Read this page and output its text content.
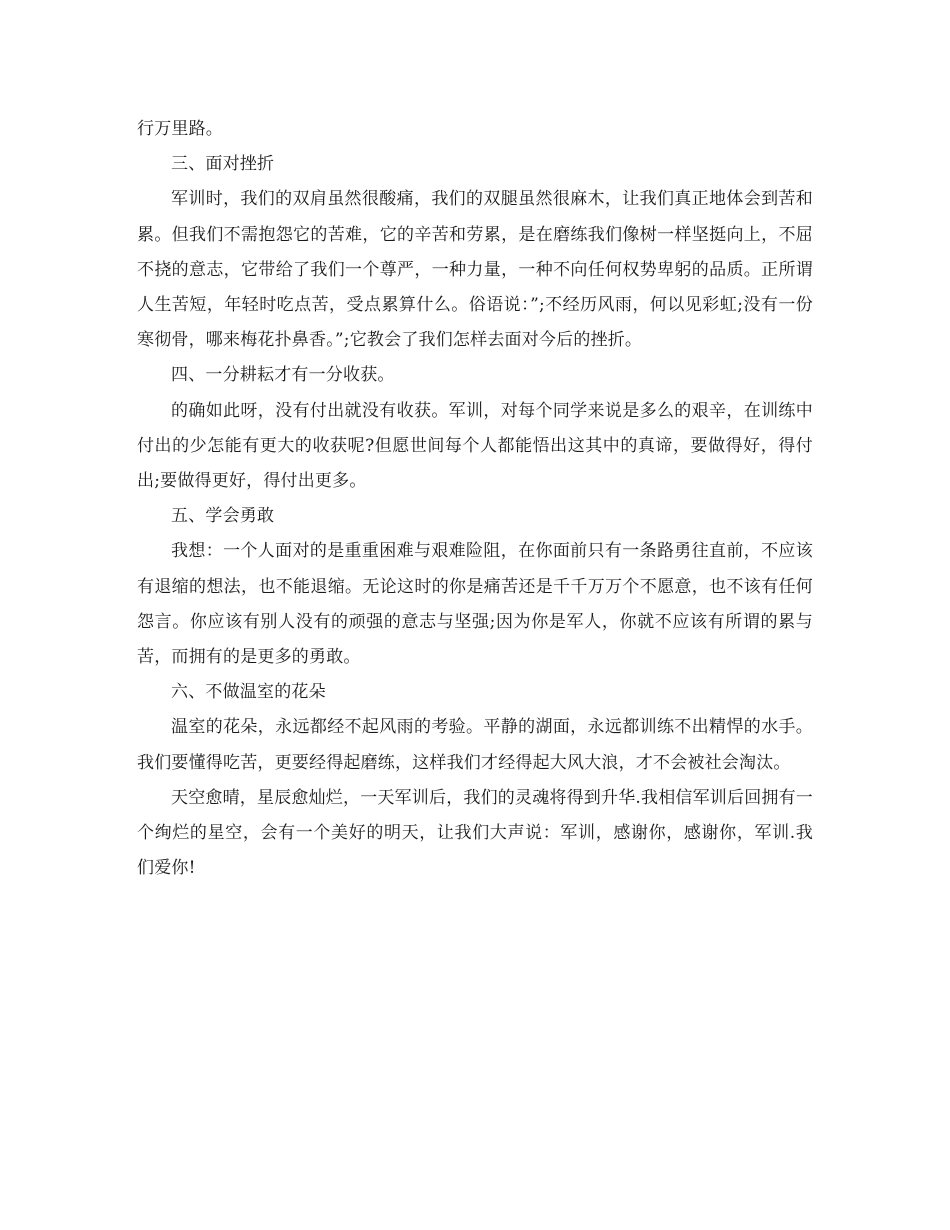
行万里路。

三、面对挫折

军训时，我们的双肩虽然很酸痛，我们的双腿虽然很麻木，让我们真正地体会到苦和累。但我们不需抱怨它的苦难，它的辛苦和劳累，是在磨练我们像树一样坚挺向上，不屈不挠的意志，它带给了我们一个尊严，一种力量，一种不向任何权势卑躬的品质。正所谓人生苦短，年轻时吃点苦，受点累算什么。俗语说：”;不经历风雨，何以见彩虹;没有一份寒彻骨，哪来梅花扑鼻香。”;它教会了我们怎样去面对今后的挫折。

四、一分耕耘才有一分收获。

的确如此呀，没有付出就没有收获。军训，对每个同学来说是多么的艰辛，在训练中付出的少怎能有更大的收获呢?但愿世间每个人都能悟出这其中的真谛，要做得好，得付出;要做得更好，得付出更多。

五、学会勇敢

我想：一个人面对的是重重困难与艰难险阻，在你面前只有一条路勇往直前，不应该有退缩的想法，也不能退缩。无论这时的你是痛苦还是千千万万个不愿意，也不该有任何怨言。你应该有别人没有的顽强的意志与坚强;因为你是军人，你就不应该有所谓的累与苦，而拥有的是更多的勇敢。

六、不做温室的花朵

温室的花朵，永远都经不起风雨的考验。平静的湖面，永远都训练不出精悍的水手。我们要懂得吃苦，更要经得起磨练，这样我们才经得起大风大浪，才不会被社会淘汰。

天空愈晴，星辰愈灿烂，一天军训后，我们的灵魂将得到升华.我相信军训后回拥有一个绚烂的星空，会有一个美好的明天，让我们大声说：军训，感谢你，感谢你，军训.我们爱你!
